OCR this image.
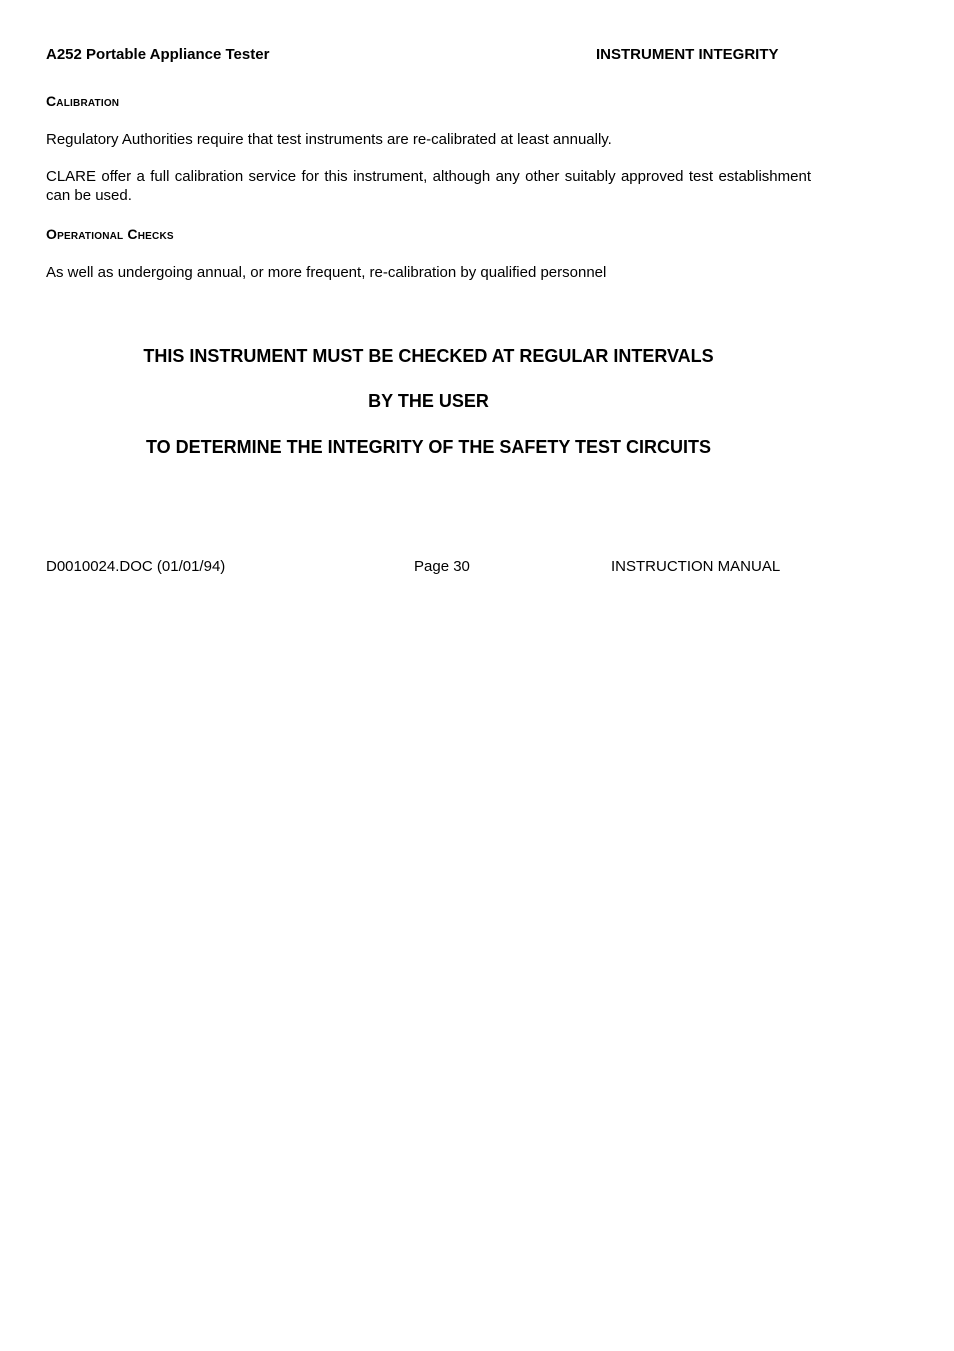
A252 Portable Appliance Tester	INSTRUMENT INTEGRITY
Calibration
Regulatory Authorities require that test instruments are re-calibrated at least annually.
CLARE offer a full calibration service for this instrument, although any other suitably approved test establishment can be used.
Operational Checks
As well as undergoing annual, or more frequent, re-calibration by qualified personnel
THIS INSTRUMENT MUST BE CHECKED AT REGULAR INTERVALS
BY THE USER
TO DETERMINE THE INTEGRITY OF THE SAFETY TEST CIRCUITS
D0010024.DOC (01/01/94)	Page 30	INSTRUCTION MANUAL
